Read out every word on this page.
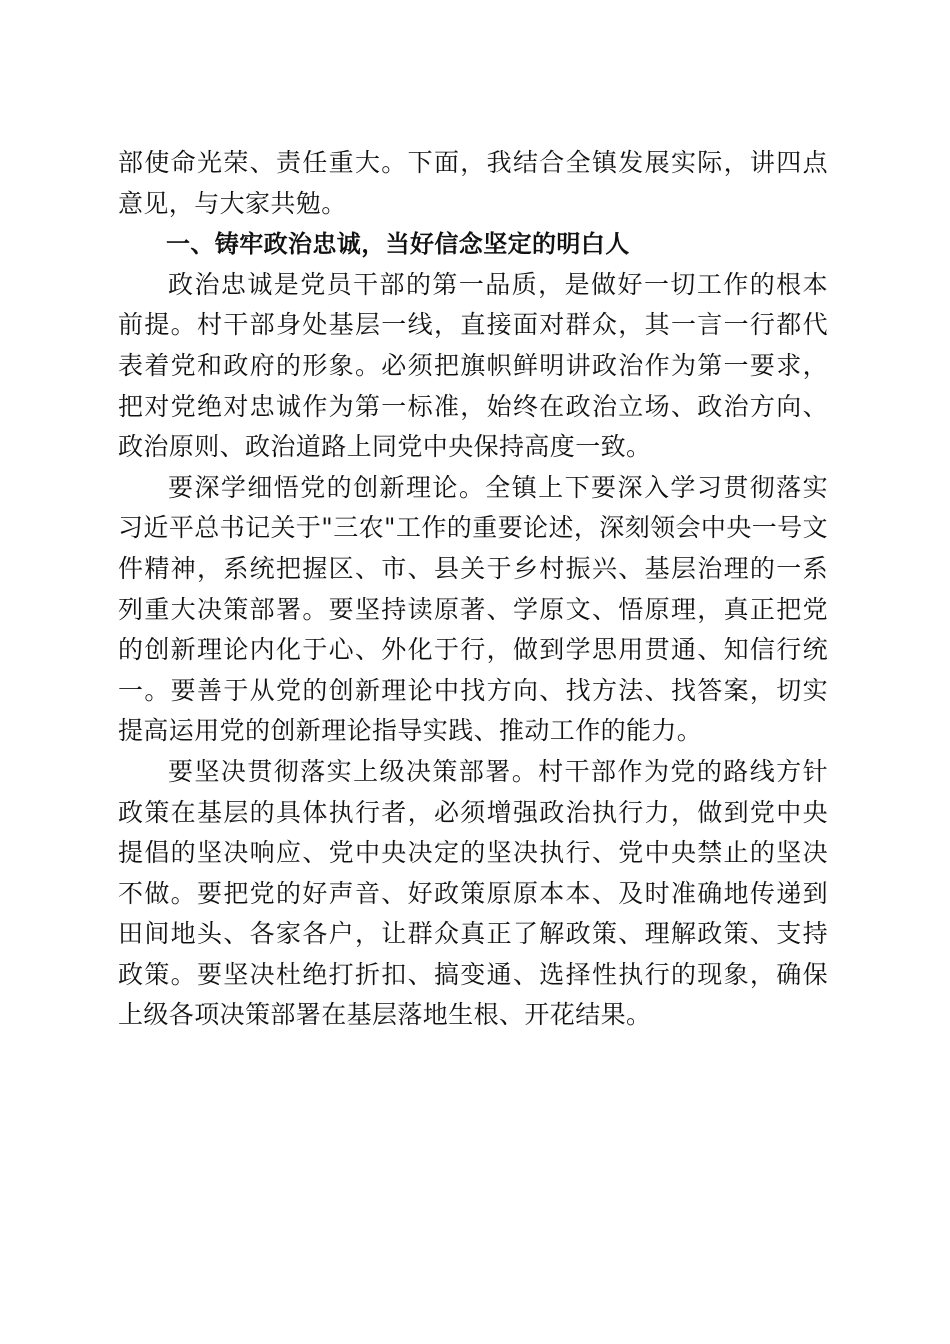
部使命光荣、责任重大。下面，我结合全镇发展实际，讲四点意见，与大家共勉。

一、铸牢政治忠诚，当好信念坚定的明白人

政治忠诚是党员干部的第一品质，是做好一切工作的根本前提。村干部身处基层一线，直接面对群众，其一言一行都代表着党和政府的形象。必须把旗帜鲜明讲政治作为第一要求，把对党绝对忠诚作为第一标准，始终在政治立场、政治方向、政治原则、政治道路上同党中央保持高度一致。

要深学细悟党的创新理论。全镇上下要深入学习贯彻落实习近平总书记关于"三农"工作的重要论述，深刻领会中央一号文件精神，系统把握区、市、县关于乡村振兴、基层治理的一系列重大决策部署。要坚持读原著、学原文、悟原理，真正把党的创新理论内化于心、外化于行，做到学思用贯通、知信行统一。要善于从党的创新理论中找方向、找方法、找答案，切实提高运用党的创新理论指导实践、推动工作的能力。

要坚决贯彻落实上级决策部署。村干部作为党的路线方针政策在基层的具体执行者，必须增强政治执行力，做到党中央提倡的坚决响应、党中央决定的坚决执行、党中央禁止的坚决不做。要把党的好声音、好政策原原本本、及时准确地传递到田间地头、各家各户，让群众真正了解政策、理解政策、支持政策。要坚决杜绝打折扣、搞变通、选择性执行的现象，确保上级各项决策部署在基层落地生根、开花结果。
